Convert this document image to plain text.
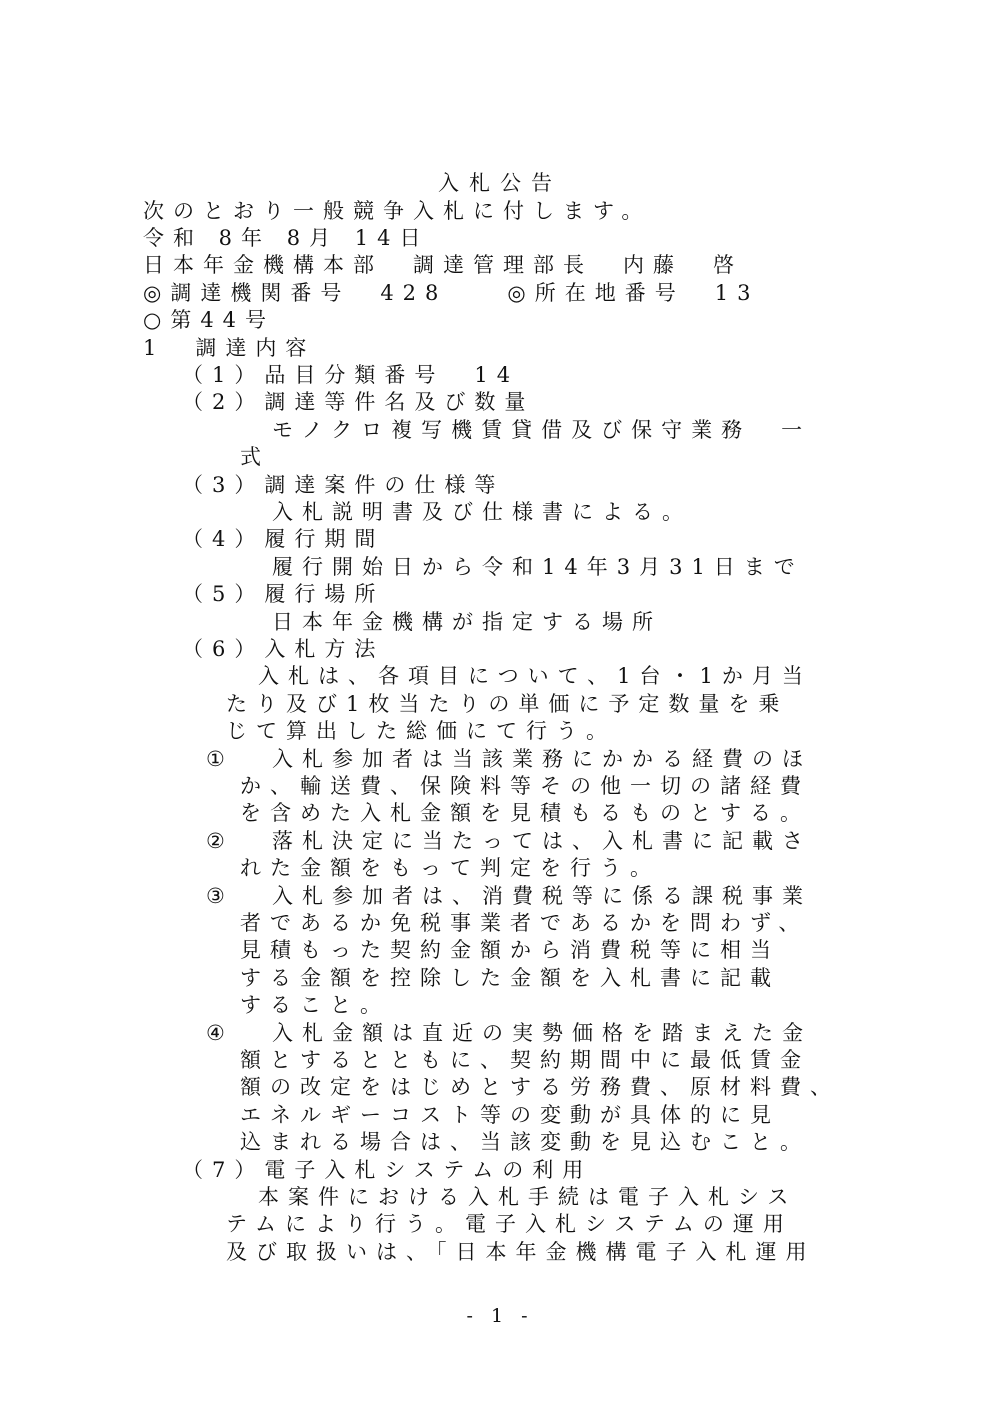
入札公告
次のとおり一般競争入札に付します。
令和 8年 8月 14日
日本年金機構本部　調達管理部長　内藤　啓
◎調達機関番号　428　　◎所在地番号　13
○第44号
1　調達内容
（1）品目分類番号　14
（2）調達等件名及び数量
モノクロ複写機賃貸借及び保守業務　一
式
（3）調達案件の仕様等
入札説明書及び仕様書による。
（4）履行期間
履行開始日から令和14年3月31日まで
（5）履行場所
日本年金機構が指定する場所
（6）入札方法
入札は、各項目について、1台・1か月当
たり及び1枚当たりの単価に予定数量を乗
じて算出した総価にて行う。
① 入札参加者は当該業務にかかる経費のほ
か、輸送費、保険料等その他一切の諸経費
を含めた入札金額を見積もるものとする。
② 落札決定に当たっては、入札書に記載さ
れた金額をもって判定を行う。
③ 入札参加者は、消費税等に係る課税事業
者であるか免税事業者であるかを問わず、
見積もった契約金額から消費税等に相当
する金額を控除した金額を入札書に記載
すること。
④ 入札金額は直近の実勢価格を踏まえた金
額とするとともに、契約期間中に最低賃金
額の改定をはじめとする労務費、原材料費、
エネルギーコスト等の変動が具体的に見
込まれる場合は、当該変動を見込むこと。
（7）電子入札システムの利用
本案件における入札手続は電子入札シス
テムにより行う。電子入札システムの運用
及び取扱いは、「日本年金機構電子入札運用
- 1 -
